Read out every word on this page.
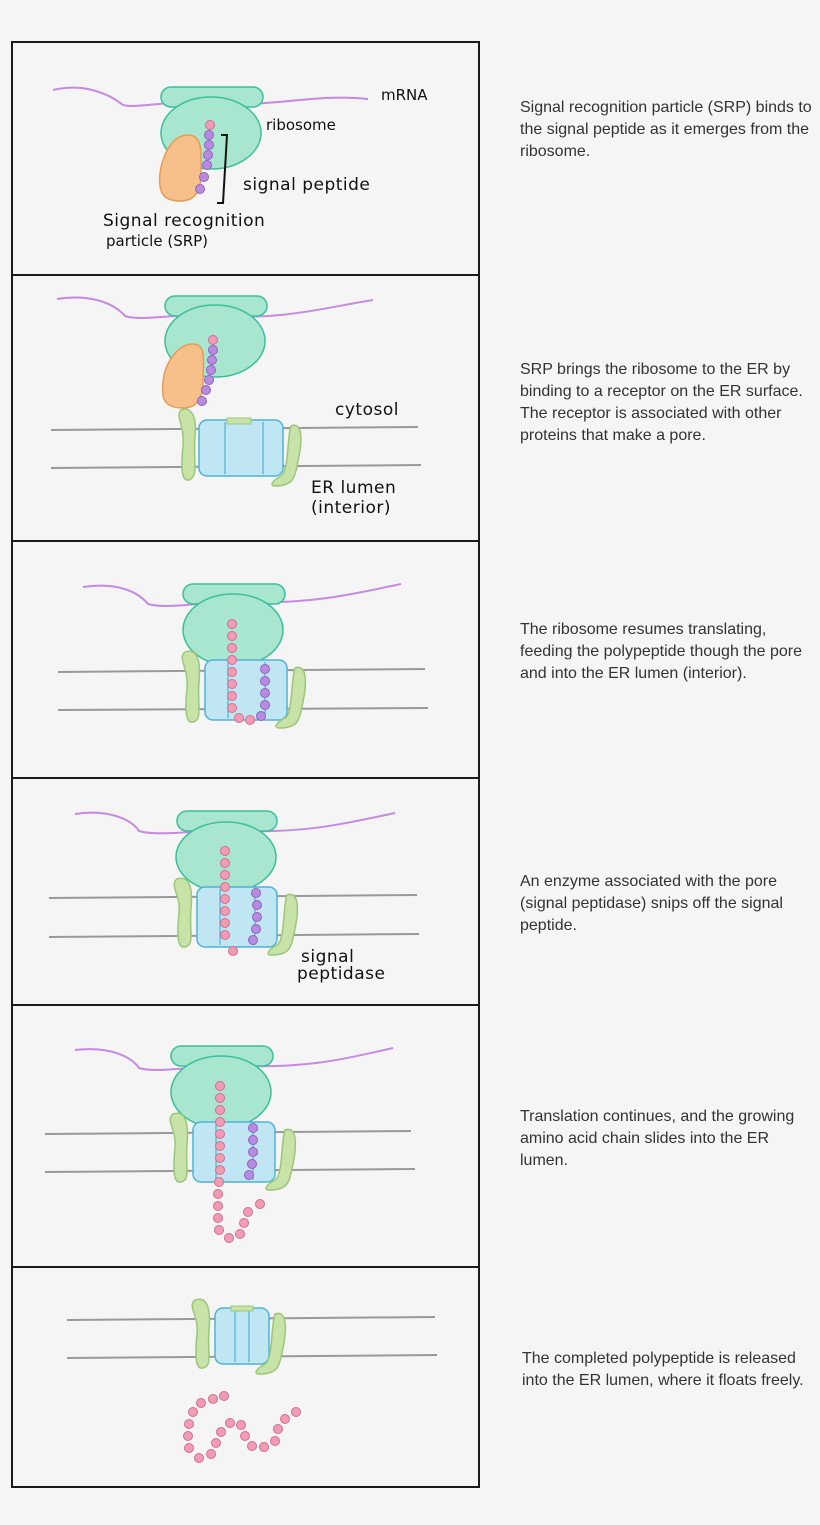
mRNA
ribosome
signal peptide
Signal recognition
particle (SRP)
Signal recognition particle (SRP) binds to the signal peptide as it emerges from the ribosome.
cytosol
ER lumen
(interior)
SRP brings the ribosome to the ER by binding to a receptor on the ER surface. The receptor is associated with other proteins that make a pore.
The ribosome resumes translating, feeding the polypeptide though the pore and into the ER lumen (interior).
signal
peptidase
An enzyme associated with the pore (signal peptidase) snips off the signal peptide.
Translation continues, and the growing amino acid chain slides into the ER lumen.
The completed polypeptide is released into the ER lumen, where it floats freely.
